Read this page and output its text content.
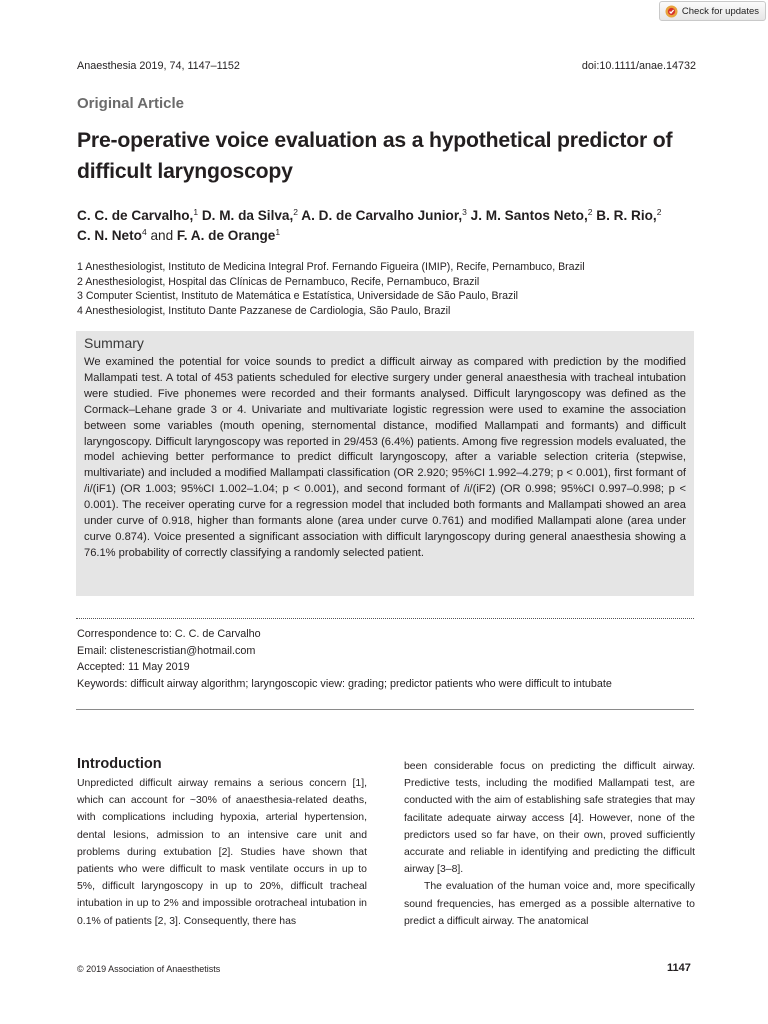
Check for updates
Anaesthesia 2019, 74, 1147–1152	doi:10.1111/anae.14732
Original Article
Pre-operative voice evaluation as a hypothetical predictor of difficult laryngoscopy
C. C. de Carvalho,$^1$ D. M. da Silva,$^2$ A. D. de Carvalho Junior,$^3$ J. M. Santos Neto,$^2$ B. R. Rio,$^2$
C. N. Neto$^4$ and F. A. de Orange$^1$
1 Anesthesiologist, Instituto de Medicina Integral Prof. Fernando Figueira (IMIP), Recife, Pernambuco, Brazil
2 Anesthesiologist, Hospital das Clínicas de Pernambuco, Recife, Pernambuco, Brazil
3 Computer Scientist, Instituto de Matemática e Estatística, Universidade de São Paulo, Brazil
4 Anesthesiologist, Instituto Dante Pazzanese de Cardiologia, São Paulo, Brazil
Summary
We examined the potential for voice sounds to predict a difficult airway as compared with prediction by the modified Mallampati test. A total of 453 patients scheduled for elective surgery under general anaesthesia with tracheal intubation were studied. Five phonemes were recorded and their formants analysed. Difficult laryngoscopy was defined as the Cormack–Lehane grade 3 or 4. Univariate and multivariate logistic regression were used to examine the association between some variables (mouth opening, sternomental distance, modified Mallampati and formants) and difficult laryngoscopy. Difficult laryngoscopy was reported in 29/453 (6.4%) patients. Among five regression models evaluated, the model achieving better performance to predict difficult laryngoscopy, after a variable selection criteria (stepwise, multivariate) and included a modified Mallampati classification (OR 2.920; 95%CI 1.992–4.279; p < 0.001), first formant of /i/(iF1) (OR 1.003; 95%CI 1.002–1.04; p < 0.001), and second formant of /i/(iF2) (OR 0.998; 95%CI 0.997–0.998; p < 0.001). The receiver operating curve for a regression model that included both formants and Mallampati showed an area under curve of 0.918, higher than formants alone (area under curve 0.761) and modified Mallampati alone (area under curve 0.874). Voice presented a significant association with difficult laryngoscopy during general anaesthesia showing a 76.1% probability of correctly classifying a randomly selected patient.
Correspondence to: C. C. de Carvalho
Email: clistenescristian@hotmail.com
Accepted: 11 May 2019
Keywords: difficult airway algorithm; laryngoscopic view: grading; predictor patients who were difficult to intubate
Introduction
Unpredicted difficult airway remains a serious concern [1], which can account for ~30% of anaesthesia-related deaths, with complications including hypoxia, arterial hypertension, dental lesions, admission to an intensive care unit and problems during extubation [2]. Studies have shown that patients who were difficult to mask ventilate occurs in up to 5%, difficult laryngoscopy in up to 20%, difficult tracheal intubation in up to 2% and impossible orotracheal intubation in 0.1% of patients [2, 3]. Consequently, there has
been considerable focus on predicting the difficult airway. Predictive tests, including the modified Mallampati test, are conducted with the aim of establishing safe strategies that may facilitate adequate airway access [4]. However, none of the predictors used so far have, on their own, proved sufficiently accurate and reliable in identifying and predicting the difficult airway [3–8].
The evaluation of the human voice and, more specifically sound frequencies, has emerged as a possible alternative to predict a difficult airway. The anatomical
© 2019 Association of Anaesthetists	1147
